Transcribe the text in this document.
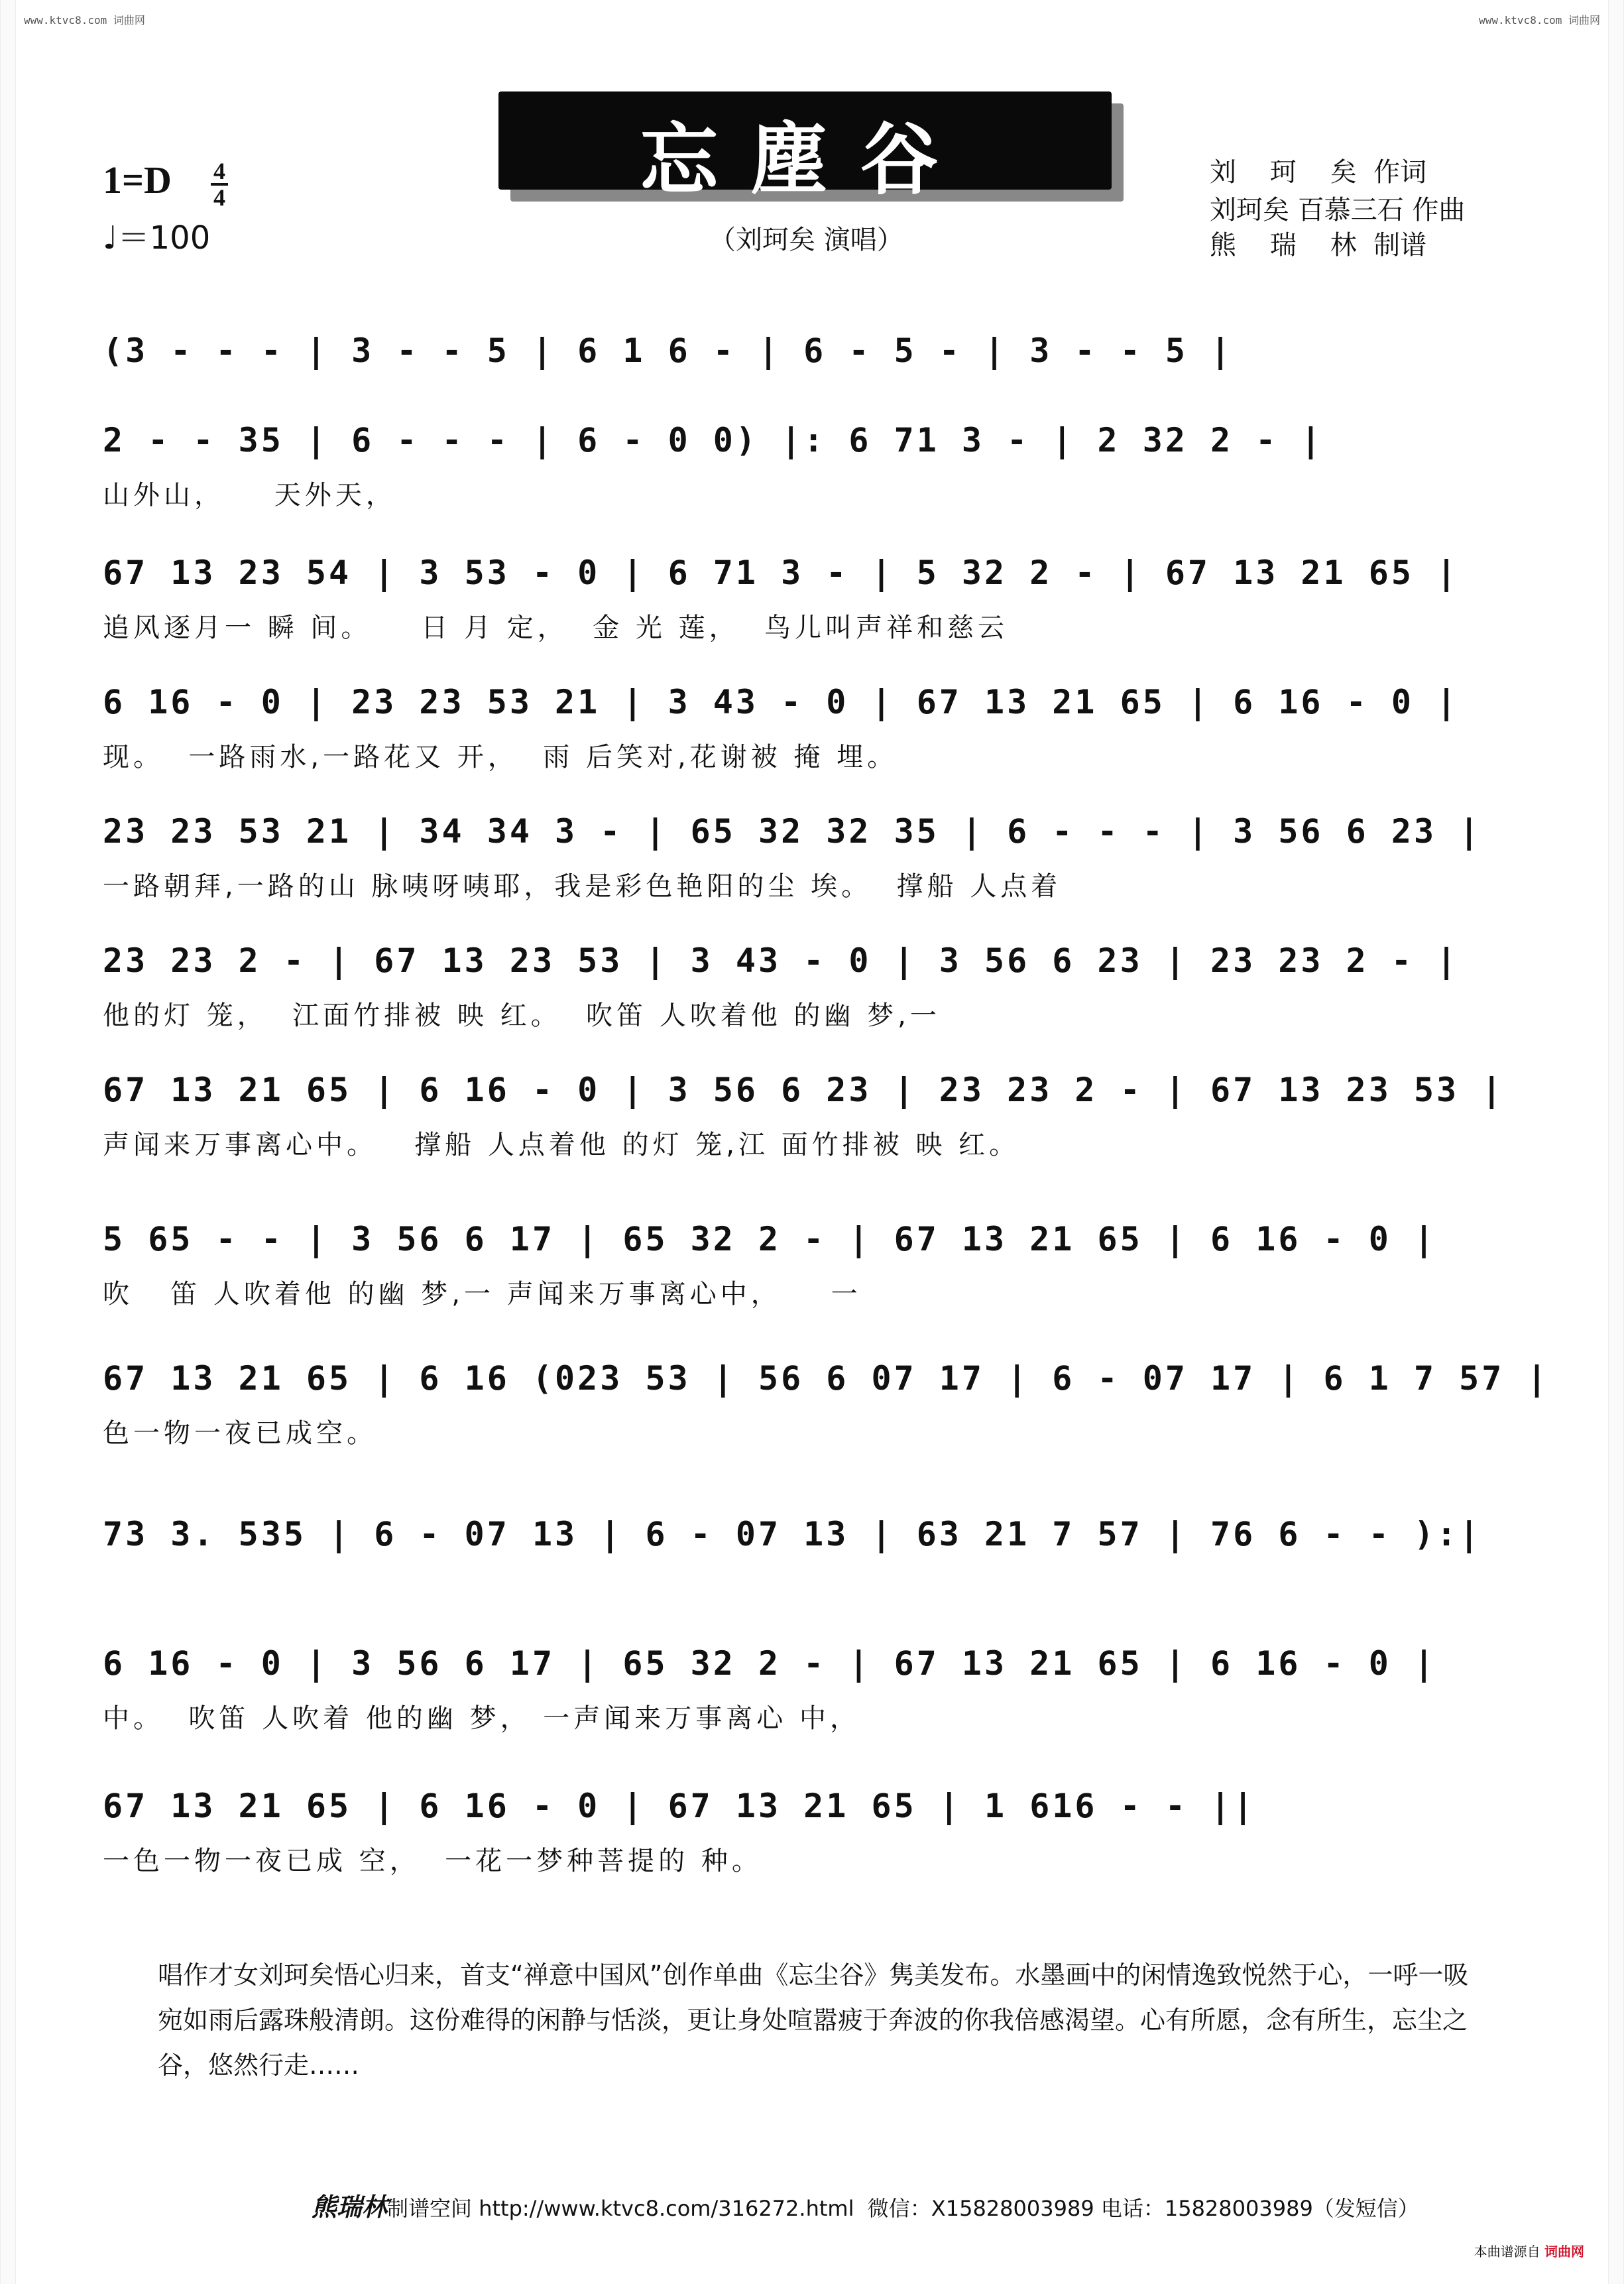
www.ktvc8.com 词曲网	www.ktvc8.com 词曲网
忘塵谷
1=D 4
4
♩＝100	（刘珂矣 演唱）
刘    珂    矣  作词
刘珂矣 百慕三石 作曲
熊    瑞    林  制谱
(3 - - - | 3 - - 5 | 6 1 6 - | 6 - 5 - | 3 - - 5 |
2 - - 35 | 6 - - - | 6 - 0 0) |: 6 71 3 - | 2 32 2 - |
山外山，    天外天，
67 13 23 54 | 3 53 - 0 | 6 71 3 - | 5 32 2 - | 67 13 21 65 |
追风逐月一 瞬 间。    日 月 定，  金 光 莲，  鸟儿叫声祥和慈云
6 16 - 0 | 23 23 53 21 | 3 43 - 0 | 67 13 21 65 | 6 16 - 0 |
现。  一路雨水,一路花又 开，  雨 后笑对,花谢被 掩 埋。
23 23 53 21 | 34 34 3 - | 65 32 32 35 | 6 - - - | 3 56 6 23 |
一路朝拜,一路的山 脉咦呀咦耶，我是彩色艳阳的尘 埃。  撑船 人点着
23 23 2 - | 67 13 23 53 | 3 43 - 0 | 3 56 6 23 | 23 23 2 - |
他的灯 笼，  江面竹排被 映 红。  吹笛 人吹着他 的幽 梦,一
67 13 21 65 | 6 16 - 0 | 3 56 6 23 | 23 23 2 - | 67 13 23 53 |
声闻来万事离心中。   撑船 人点着他 的灯 笼,江 面竹排被 映 红。
5 65 - - | 3 56 6 17 | 65 32 2 - | 67 13 21 65 | 6 16 - 0 |
吹   笛 人吹着他 的幽 梦,一 声闻来万事离心中，    一
67 13 21 65 | 6 16 (023 53 | 56 6 07 17 | 6 - 07 17 | 6 1 7 57 |
色一物一夜已成空。
73 3. 535 | 6 - 07 13 | 6 - 07 13 | 63 21 7 57 | 76 6 - - ):|
6 16 - 0 | 3 56 6 17 | 65 32 2 - | 67 13 21 65 | 6 16 - 0 |
中。  吹笛 人吹着 他的幽 梦， 一声闻来万事离心 中，
67 13 21 65 | 6 16 - 0 | 67 13 21 65 | 1 616 - - ||
一色一物一夜已成 空，  一花一梦种菩提的 种。
唱作才女刘珂矣悟心归来，首支“禅意中国风”创作单曲《忘尘谷》隽美发布。水墨画中的闲情逸致悦然于心，一呼一吸宛如雨后露珠般清朗。这份难得的闲静与恬淡，更让身处喧嚣疲于奔波的你我倍感渴望。心有所愿，念有所生，忘尘之谷，悠然行走……
熊瑞林制谱空间 http://www.ktvc8.com/316272.html  微信：X15828003989 电话：15828003989（发短信）
本曲谱源自 词曲网
